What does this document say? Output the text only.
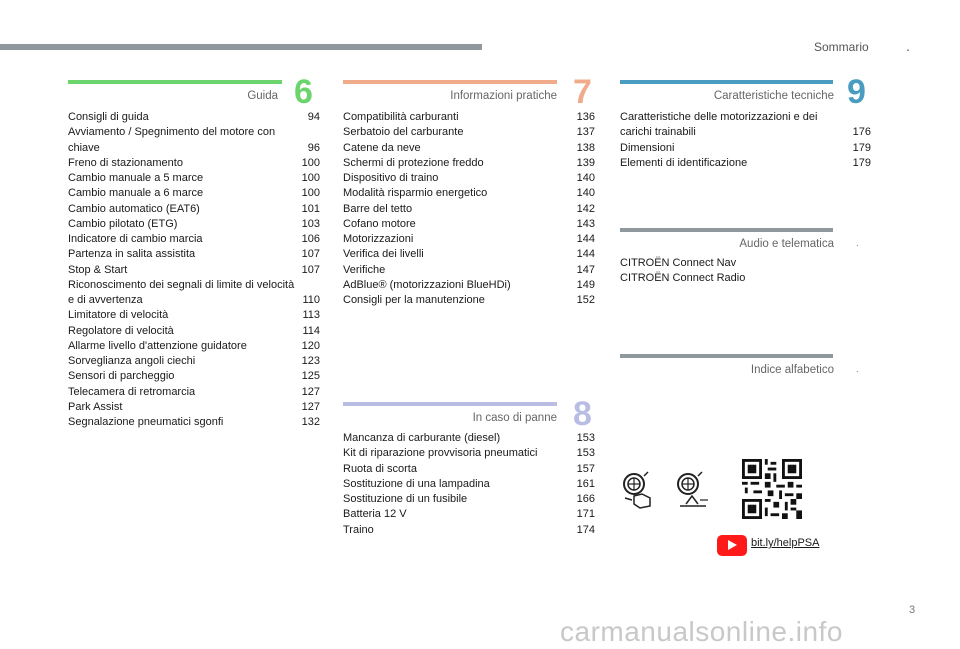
Sommario	.
Guida 6
Consigli di guida	94
Avviamento / Spegnimento del motore con chiave	96
Freno di stazionamento	100
Cambio manuale a 5 marce	100
Cambio manuale a 6 marce	100
Cambio automatico (EAT6)	101
Cambio pilotato (ETG)	103
Indicatore di cambio marcia	106
Partenza in salita assistita	107
Stop & Start	107
Riconoscimento dei segnali di limite di velocità e di avvertenza	110
Limitatore di velocità	113
Regolatore di velocità	114
Allarme livello d'attenzione guidatore	120
Sorveglianza angoli ciechi	123
Sensori di parcheggio	125
Telecamera di retromarcia	127
Park Assist	127
Segnalazione pneumatici sgonfi	132
Informazioni pratiche 7
Compatibilità carburanti	136
Serbatoio del carburante	137
Catene da neve	138
Schermi di protezione freddo	139
Dispositivo di traino	140
Modalità risparmio energetico	140
Barre del tetto	142
Cofano motore	143
Motorizzazioni	144
Verifica dei livelli	144
Verifiche	147
AdBlue® (motorizzazioni BlueHDi)	149
Consigli per la manutenzione	152
In caso di panne 8
Mancanza di carburante (diesel)	153
Kit di riparazione provvisoria pneumatici	153
Ruota di scorta	157
Sostituzione di una lampadina	161
Sostituzione di un fusibile	166
Batteria 12 V	171
Traino	174
Caratteristiche tecniche 9
Caratteristiche delle motorizzazioni e dei carichi trainabili	176
Dimensioni	179
Elementi di identificazione	179
Audio e telematica .
CITROËN Connect Nav
CITROËN Connect Radio
Indice alfabetico .
bit.ly/helpPSA
3
carmanualsonline.info
